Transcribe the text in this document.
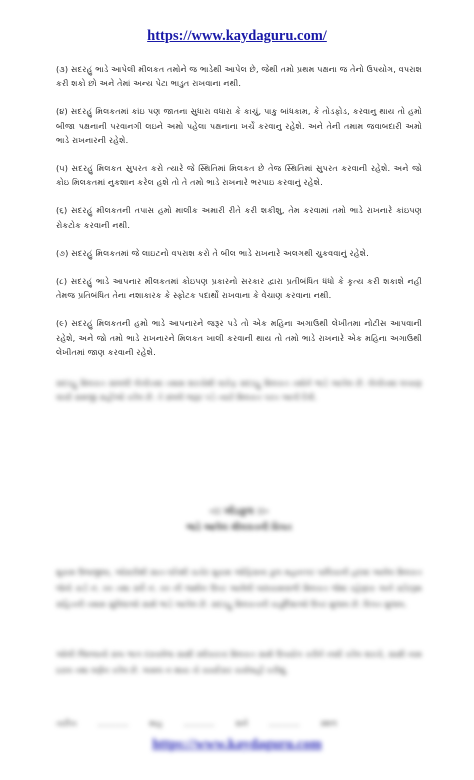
https://www.kaydaguru.com/

(૩) સદરહું ભાડે આપેલી મીલકત તમોને જ ભાડેથી આપેલ છે, જેથી તમો પ્રથમ પક્ષના જ તેનો ઉપયોગ, વપરાશ કરી શકો છો અને તેમાં અન્ય પેટા ભાડુત રાખવાના નથી.

(૪) સદરહું મિલકતમાં કાંઇ પણ જાતના સુધારા વધારા કે કાચું, પાકુ બાંધકામ, કે તોડફોડ, કરવાનુ થાય તો હમો બીજા પક્ષનાની પરવાનગી લઇને અમો પહેલા પક્ષનાના ખર્ચે કરવાનુ રહેશે. અને તેની તમામ જવાબદારી અમો ભાડે રાખનારની રહેશે.

(૫) સદરહું મિલકત સુપરત કરો ત્યારે જે સ્થિતિમાં મિલકત છે તેજ સ્થિતિમાં સુપરત કરવાની રહેશે. અને જો કોઇ મિલકતમાં નુકશાન કરેલ હશે તો તે તમો ભાડે રાખનારે ભરપાઇ કરવાનું રહેશે.

(૬) સદરહું મીલકતની તપાસ હમો માલીક અમારી રીતે કરી શકીશુ, તેમ કરવામાં તમો ભાડે રાખનારે કાંઇપણ રોકટોક કરવાની નથી.

(૭) સદરહું મિલકતમાં જે લાઇટનો વપરાશ કરો તે બીલ ભાડે રાખનારે અલગથી ચુકવવાનું રહેશે.

(૮) સદરહું ભાડે આપનાર મીલકતમાં કોઇપણ પ્રકારનો સરકાર દ્વારા પ્રતીબંધિત ધંધો કે કૃત્ય કરી શકાશે નહી તેમજ પ્રતિબંધિત તેના નશાકારક કે સ્ફોટક પદાર્થો રાખવાના કે વેચાણ કરવાના નથી.

(૯) સદરહું મિલકતની હમો ભાડે આપનારને જરૂર પડે તો એક મહિના અગાઉથી લેખીતમા નોટીસ આપવાની રહેશે, અને જો તમો ભાડે રાખનારને મિલકત ખાલી કરવાની થાય તો તમો ભાડે રાખનારે એક મહિના અગાઉથી લેખીતમાં જાણ કરવાની રહેશે.

સદરહુ મિલકત સાંબંધી લેખીતમાં તમામ શરતોથી વાકેફ સદરહુ મિલકત તમોને ભાડે આપેલ છે. લેખીતમાં લખાણ વાંચી સમજી સહીઓ કરેલ છે. તે સંબંધે જરૂર પડે ત્યારે મિલકત પરત આપી દેવી.

-:: ખીડકુલ ::-
ભાડે આપેલ મીલકતની વિગત

મુકામ ઉજ્જીલા, ઓસરીથી સાત-પતિથી ચતોર મુકામ ઓફિસના કુલ મહાનગર પાલિકાની હદમાં આવેલ મિલકત જેનો કાર્ડ નં. ૦૦ તથા સર્વે નં. ૦૦ ની જમીન ઉપર આવેલી બાંધકામવાળી મિલકત જેમાં રહેણાંક અને સ્ટોરરૂમ સહિતની તમામ સુવિધાઓ સાથે ભાડે આપેલ છે. સદરહુ મિલકતની ચતુર્દિશાઓ ઉપર મુજબ છે. વિગત મુજબ.

ઓલી જિલ્લાનો સબ ભાગ દસ્તાવેજ સાક્ષી સ્વીકારતાં મિલકત સાથે ઉપયોગ કરીને નક્કી કરેલ શરતો, સાક્ષી નામ ઠરાવ તથા વર્ણન કરેલ છે. અમલ ન થાય તો કાયદેસર કાર્યવાહી કરીશું.

તારીખ ............ માહ ............ સને ............ સ્થળ

https://www.kaydaguru.com
